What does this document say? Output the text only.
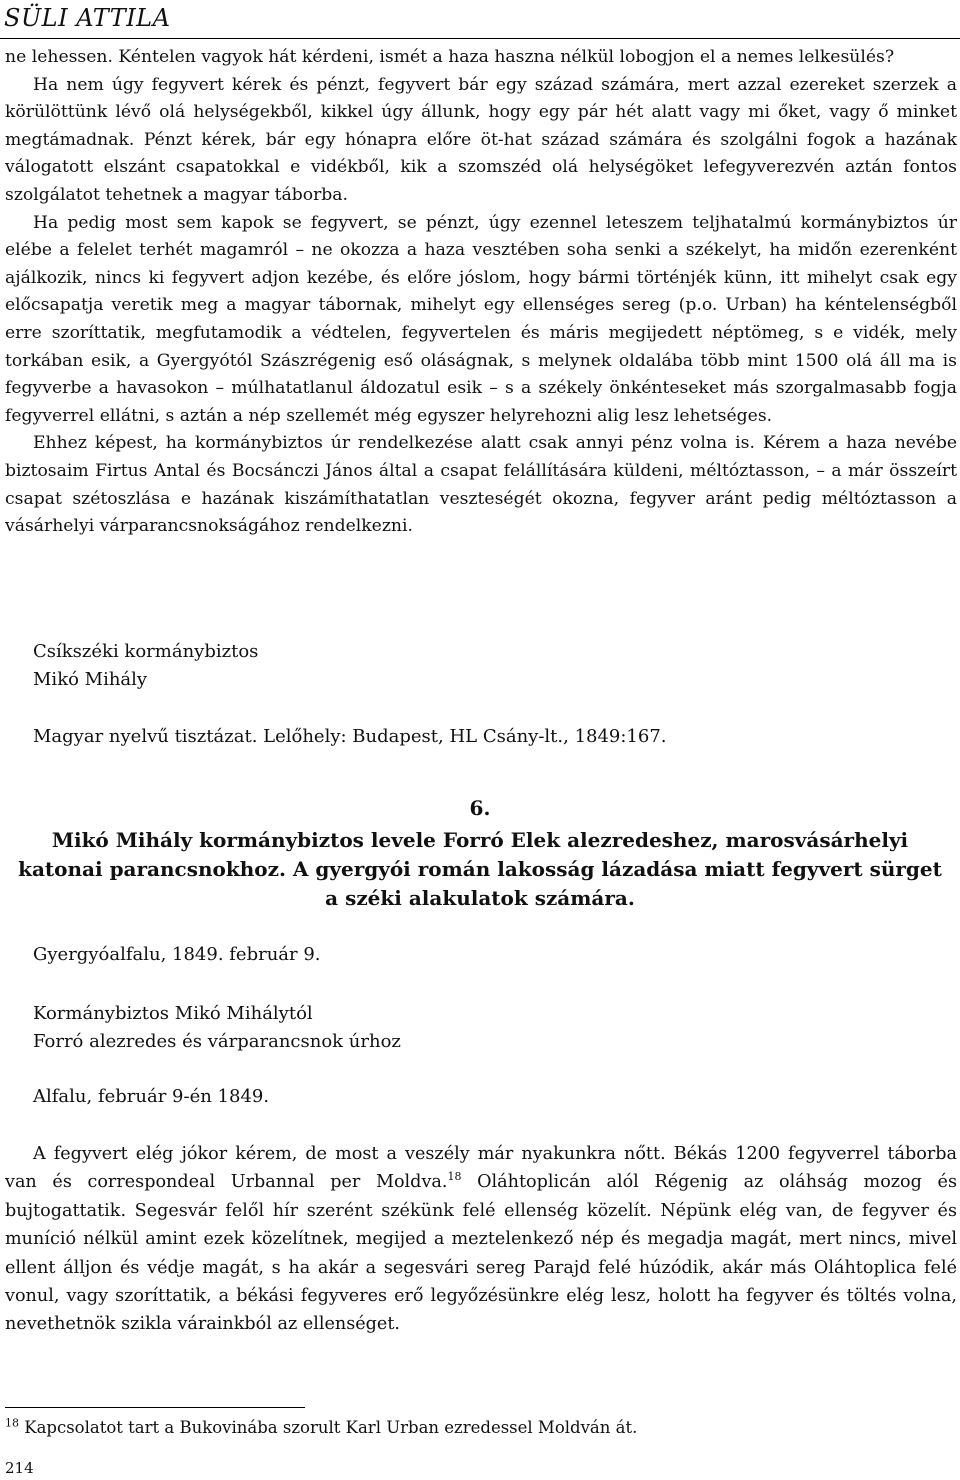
SÜLI ATTILA

ne lehessen. Kéntelen vagyok hát kérdeni, ismét a haza haszna nélkül lobogjon el a nemes lelkesülés?

Ha nem úgy fegyvert kérek és pénzt, fegyvert bár egy század számára, mert azzal ezereket szerzek a körülöttünk lévő olá helységekből, kikkel úgy állunk, hogy egy pár hét alatt vagy mi őket, vagy ő minket megtámadnak. Pénzt kérek, bár egy hónapra előre öt-hat század számára és szolgálni fogok a hazának válogatott elszánt csapatokkal e vidékből, kik a szomszéd olá helységöket lefegyverezvén aztán fontos szolgálatot tehetnek a magyar táborba.

Ha pedig most sem kapok se fegyvert, se pénzt, úgy ezennel leteszem teljhatalmú kormánybiztos úr elébe a felelet terhét magamról – ne okozza a haza vesztében soha senki a székelyt, ha midőn ezerenként ajálkozik, nincs ki fegyvert adjon kezébe, és előre jóslom, hogy bármi történjék künn, itt mihelyt csak egy előcsapatja veretik meg a magyar tábornak, mihelyt egy ellenséges sereg (p.o. Urban) ha kéntelenségből erre szoríttatik, megfutamodik a védtelen, fegyvertelen és máris megijedett néptömeg, s e vidék, mely torkában esik, a Gyergyótól Szászrégenig eső oláságnak, s melynek oldalába több mint 1500 olá áll ma is fegyverbe a havasokon – múlhatatlanul áldozatul esik – s a székely önkénteseket más szorgalmasabb fogja fegyverrel ellátni, s aztán a nép szellemét még egyszer helyrehozni alig lesz lehetséges.

Ehhez képest, ha kormánybiztos úr rendelkezése alatt csak annyi pénz volna is. Kérem a haza nevébe biztosaim Firtus Antal és Bocsánczi János által a csapat felállítására küldeni, méltóztasson, – a már összeírt csapat szétoszlása e hazának kiszámíthatatlan veszteségét okozna, fegyver aránt pedig méltóztasson a vásárhelyi várparancsnokságához rendelkezni.

Csíkszéki kormánybiztos
Mikó Mihály
Magyar nyelvű tisztázat. Lelőhely: Budapest, HL Csány-lt., 1849:167.
6.
Mikó Mihály kormánybiztos levele Forró Elek alezredeshez, marosvásárhelyi katonai parancsnokhoz. A gyergyói román lakosság lázadása miatt fegyvert sürget a széki alakulatok számára.
Gyergyóalfalu, 1849. február 9.
Kormánybiztos Mikó Mihálytól
Forró alezredes és várparancsnok úrhoz
Alfalu, február 9-én 1849.

A fegyvert elég jókor kérem, de most a veszély már nyakunkra nőtt. Békás 1200 fegyverrel táborba van és correspondeal Urbannal per Moldva.$^{18}$ Oláhtoplicán alól Régenig az oláhság mozog és bujtogattatik. Segesvár felől hír szerént székünk felé ellenség közelít. Népünk elég van, de fegyver és muníció nélkül amint ezek közelítnek, megijed a meztelenkező nép és megadja magát, mert nincs, mivel ellent álljon és védje magát, s ha akár a segesvári sereg Parajd felé húzódik, akár más Oláhtoplica felé vonul, vagy szoríttatik, a békási fegyveres erő legyőzésünkre elég lesz, holott ha fegyver és töltés volna, nevethetnök szikla várainkból az ellenséget.

$^{18}$ Kapcsolatot tart a Bukovinába szorult Karl Urban ezredessel Moldván át.
214
